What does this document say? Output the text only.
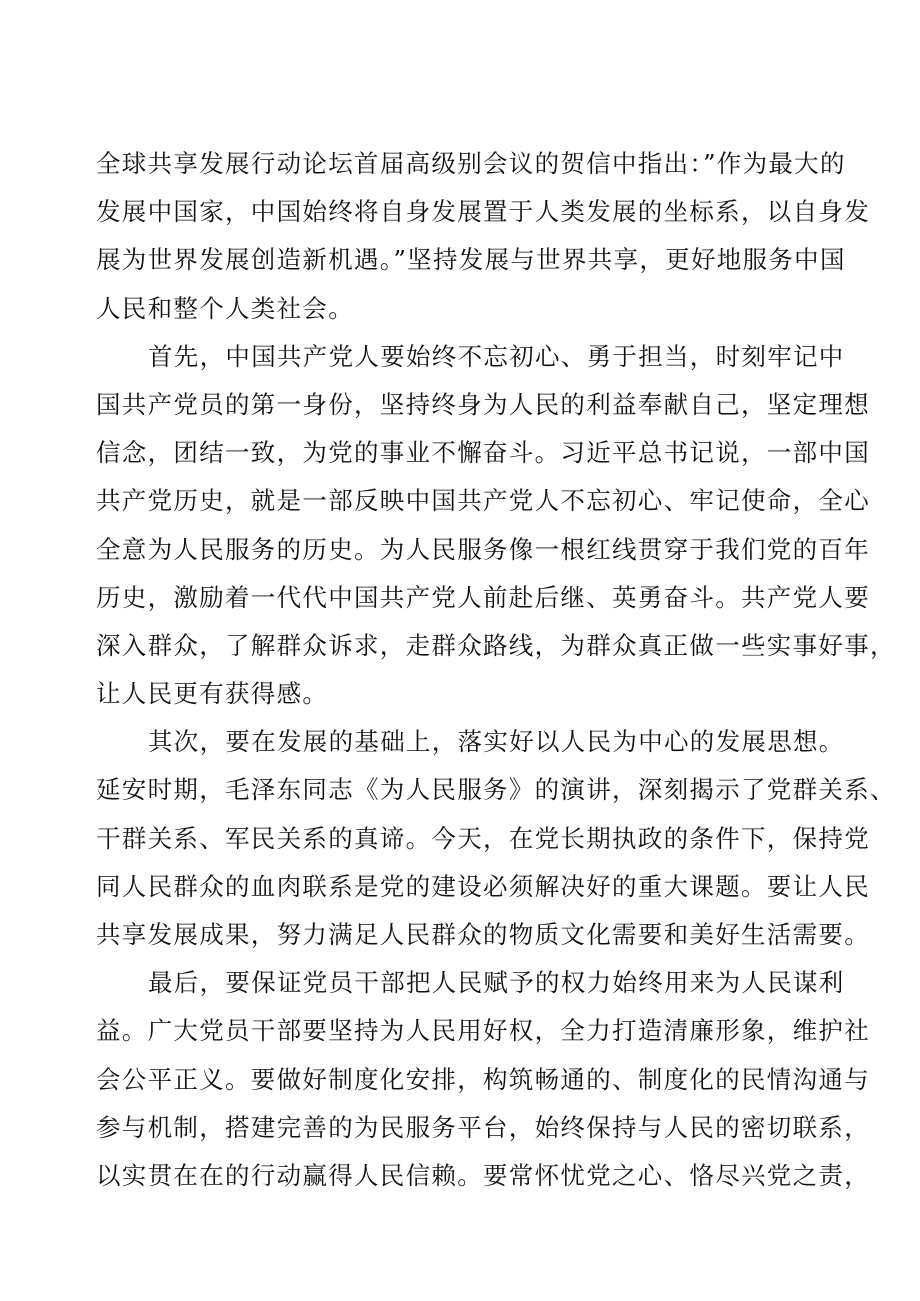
全球共享发展行动论坛首届高级别会议的贺信中指出：”作为最大的
发展中国家，中国始终将自身发展置于人类发展的坐标系，以自身发
展为世界发展创造新机遇。”坚持发展与世界共享，更好地服务中国
人民和整个人类社会。
首先，中国共产党人要始终不忘初心、勇于担当，时刻牢记中
国共产党员的第一身份，坚持终身为人民的利益奉献自己，坚定理想
信念，团结一致，为党的事业不懈奋斗。习近平总书记说，一部中国
共产党历史，就是一部反映中国共产党人不忘初心、牢记使命，全心
全意为人民服务的历史。为人民服务像一根红线贯穿于我们党的百年
历史，激励着一代代中国共产党人前赴后继、英勇奋斗。共产党人要
深入群众，了解群众诉求，走群众路线，为群众真正做一些实事好事，
让人民更有获得感。
其次，要在发展的基础上，落实好以人民为中心的发展思想。
延安时期，毛泽东同志《为人民服务》的演讲，深刻揭示了党群关系、
干群关系、军民关系的真谛。今天，在党长期执政的条件下，保持党
同人民群众的血肉联系是党的建设必须解决好的重大课题。要让人民
共享发展成果，努力满足人民群众的物质文化需要和美好生活需要。
最后，要保证党员干部把人民赋予的权力始终用来为人民谋利
益。广大党员干部要坚持为人民用好权，全力打造清廉形象，维护社
会公平正义。要做好制度化安排，构筑畅通的、制度化的民情沟通与
参与机制，搭建完善的为民服务平台，始终保持与人民的密切联系，
以实贯在在的行动赢得人民信赖。要常怀忧党之心、恪尽兴党之责，
